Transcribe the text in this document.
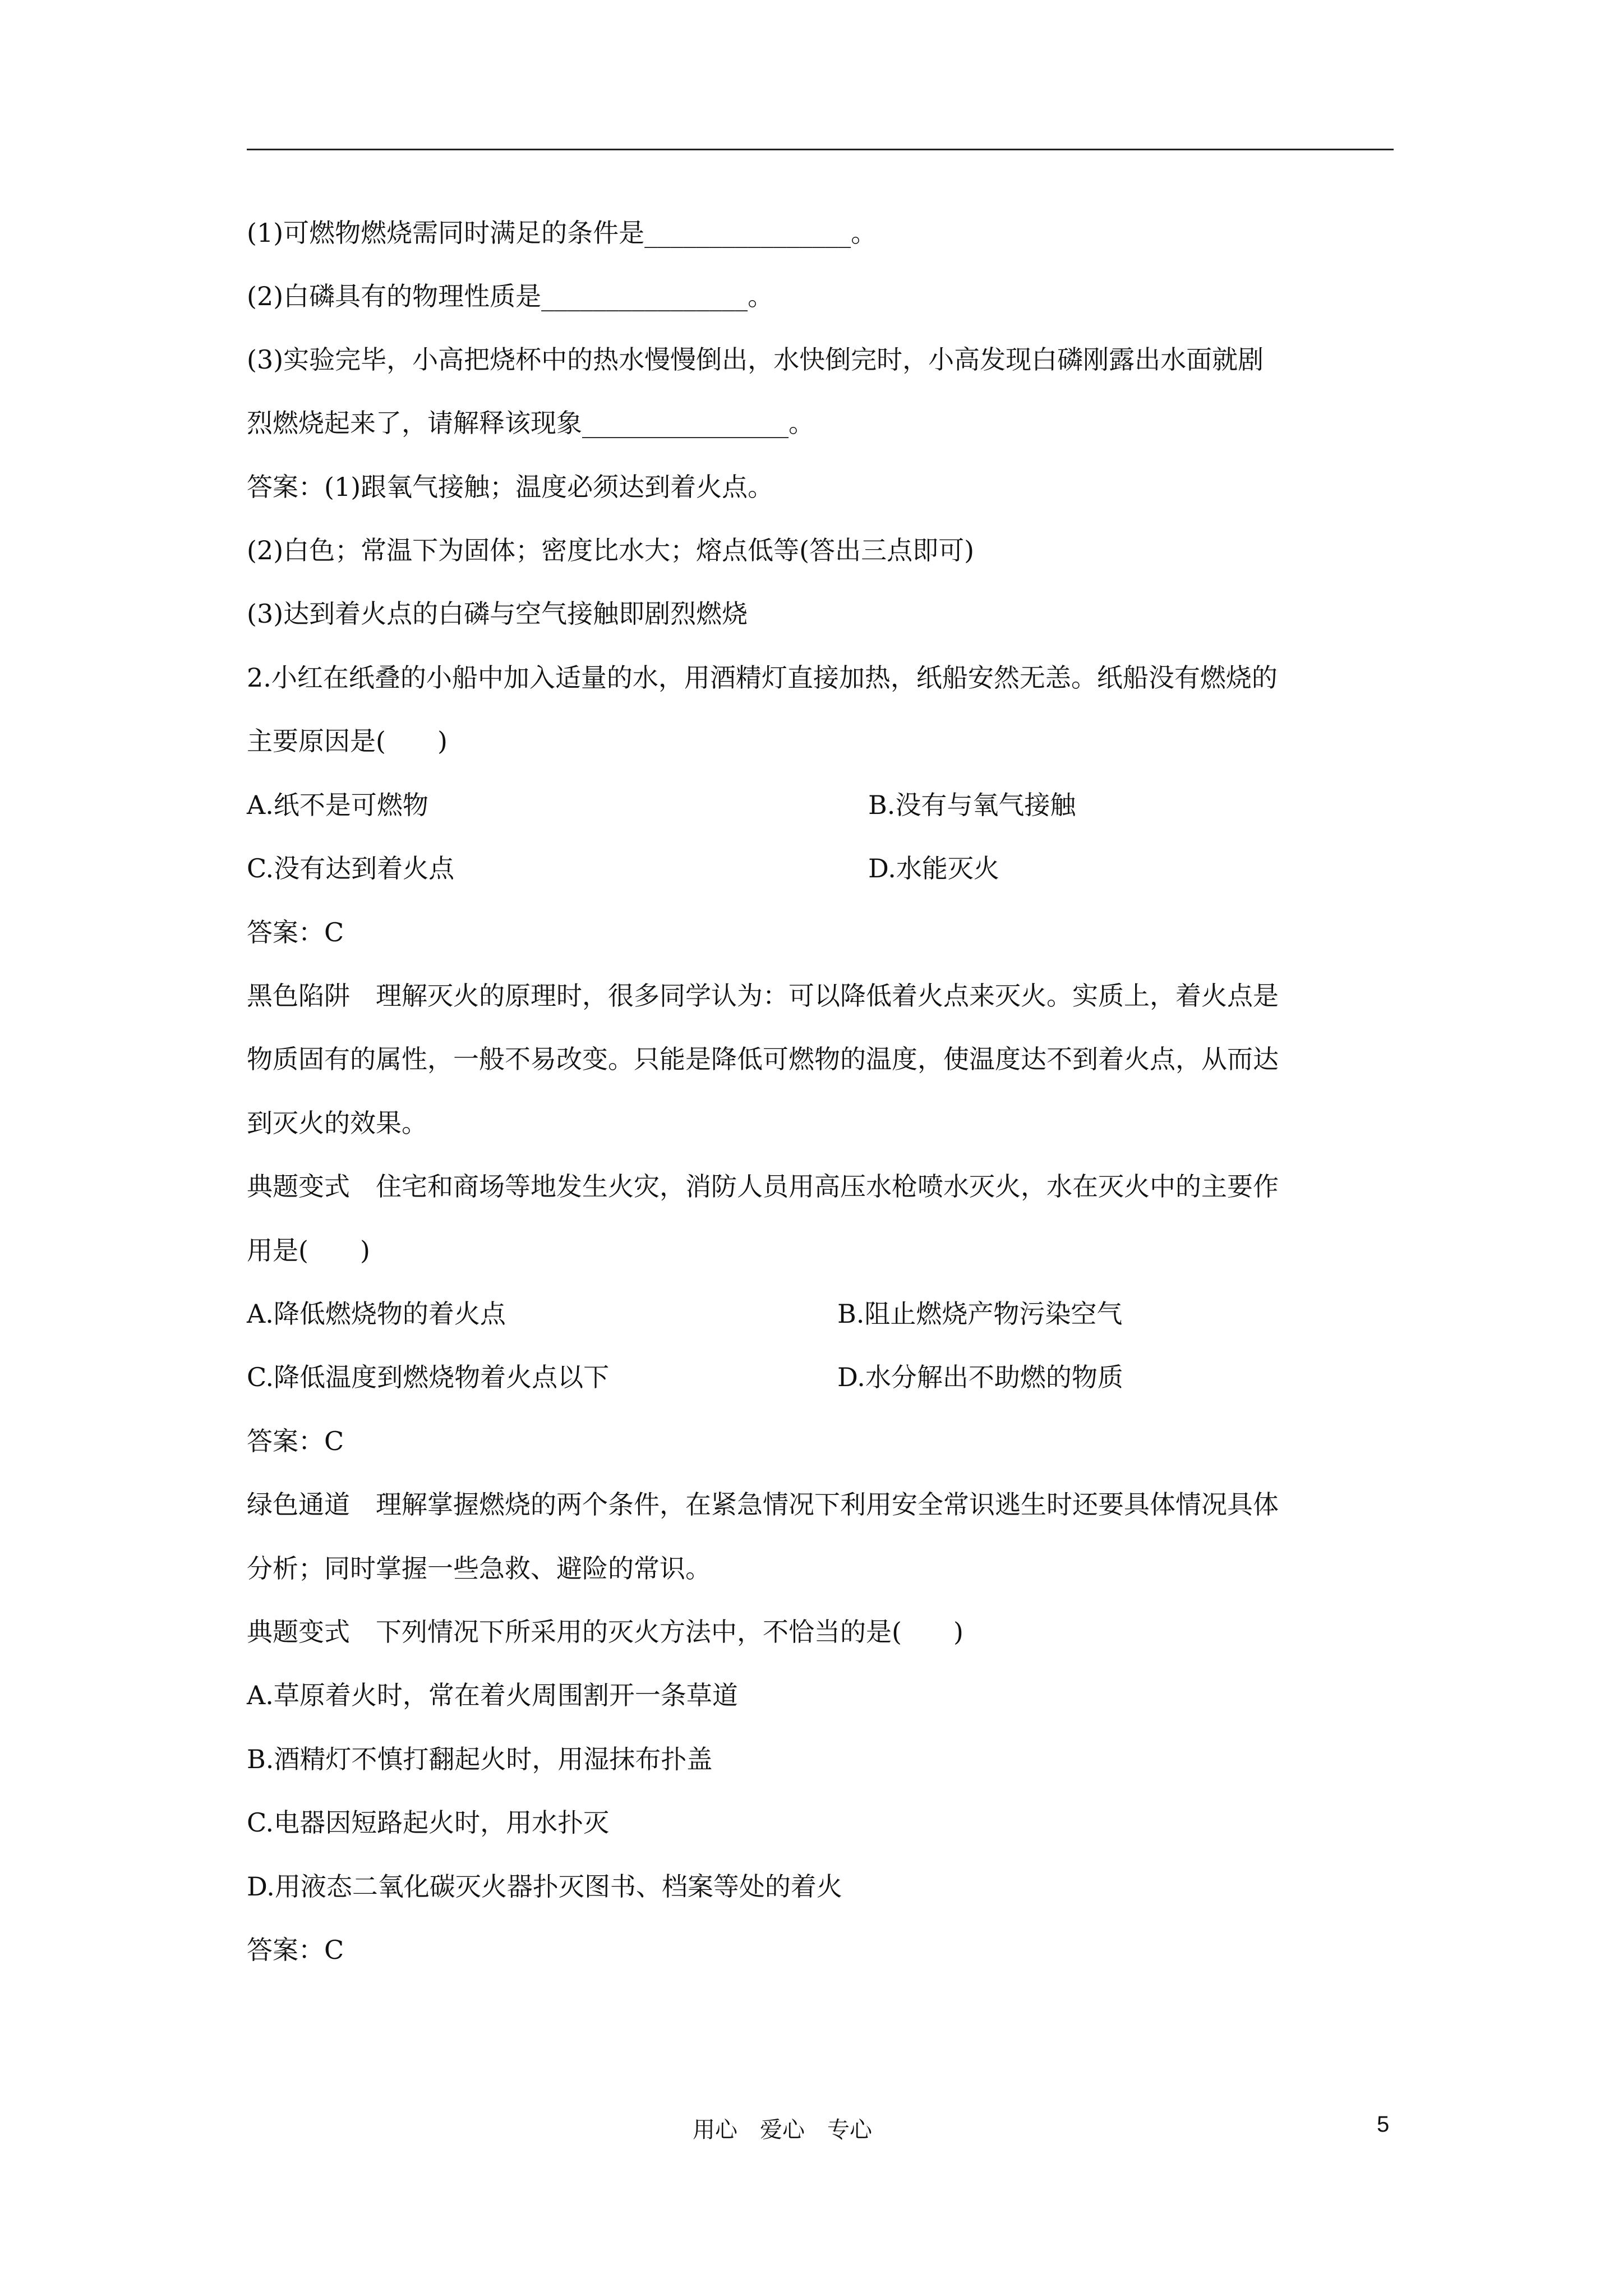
(1)可燃物燃烧需同时满足的条件是________________。
(2)白磷具有的物理性质是________________。
(3)实验完毕，小高把烧杯中的热水慢慢倒出，水快倒完时，小高发现白磷刚露出水面就剧
烈燃烧起来了，请解释该现象________________。
答案：(1)跟氧气接触；温度必须达到着火点。
(2)白色；常温下为固体；密度比水大；熔点低等(答出三点即可)
(3)达到着火点的白磷与空气接触即剧烈燃烧
2.小红在纸叠的小船中加入适量的水，用酒精灯直接加热，纸船安然无恙。纸船没有燃烧的
主要原因是(　　)
A.纸不是可燃物	B.没有与氧气接触
C.没有达到着火点	D.水能灭火
答案：C
黑色陷阱　理解灭火的原理时，很多同学认为：可以降低着火点来灭火。实质上，着火点是
物质固有的属性，一般不易改变。只能是降低可燃物的温度，使温度达不到着火点，从而达
到灭火的效果。
典题变式　住宅和商场等地发生火灾，消防人员用高压水枪喷水灭火，水在灭火中的主要作
用是(　　)
A.降低燃烧物的着火点	B.阻止燃烧产物污染空气
C.降低温度到燃烧物着火点以下	D.水分解出不助燃的物质
答案：C
绿色通道　理解掌握燃烧的两个条件，在紧急情况下利用安全常识逃生时还要具体情况具体
分析；同时掌握一些急救、避险的常识。
典题变式　下列情况下所采用的灭火方法中，不恰当的是(　　)
A.草原着火时，常在着火周围割开一条草道
B.酒精灯不慎打翻起火时，用湿抹布扑盖
C.电器因短路起火时，用水扑灭
D.用液态二氧化碳灭火器扑灭图书、档案等处的着火
答案：C
用心　爱心　专心	5
